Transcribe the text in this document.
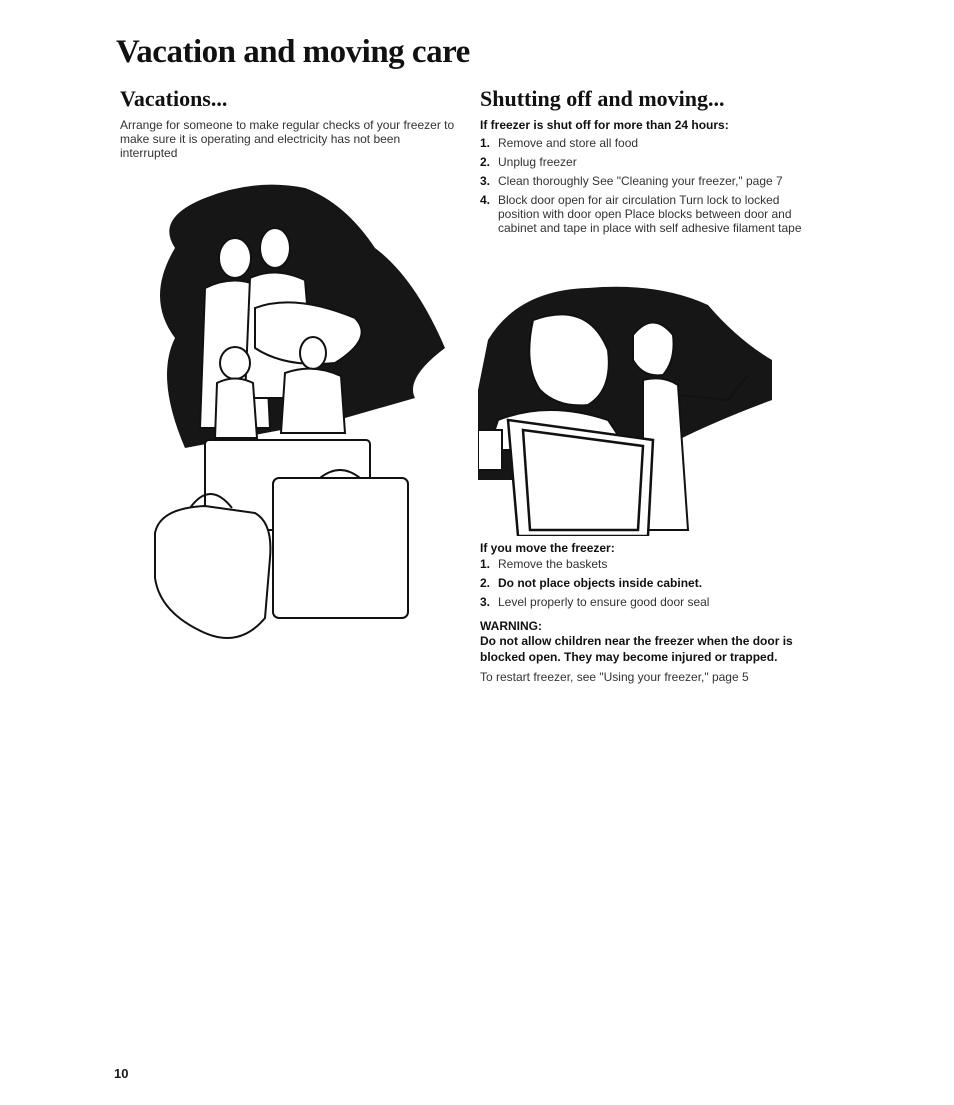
Vacation and moving care
Vacations...

Arrange for someone to make regular checks of your freezer to make sure it is operating and electricity has not been interrupted

Shutting off and moving...

If freezer is shut off for more than 24 hours:

1. Remove and store all food
2. Unplug freezer
3. Clean thoroughly See "Cleaning your freezer," page 7
4. Block door open for air circulation Turn lock to locked position with door open Place blocks between door and cabinet and tape in place with self adhesive filament tape

If you move the freezer:

1. Remove the baskets
2. Do not place objects inside cabinet.
3. Level properly to ensure good door seal

WARNING:

Do not allow children near the freezer when the door is blocked open. They may become injured or trapped.

To restart freezer, see "Using your freezer," page 5

10
